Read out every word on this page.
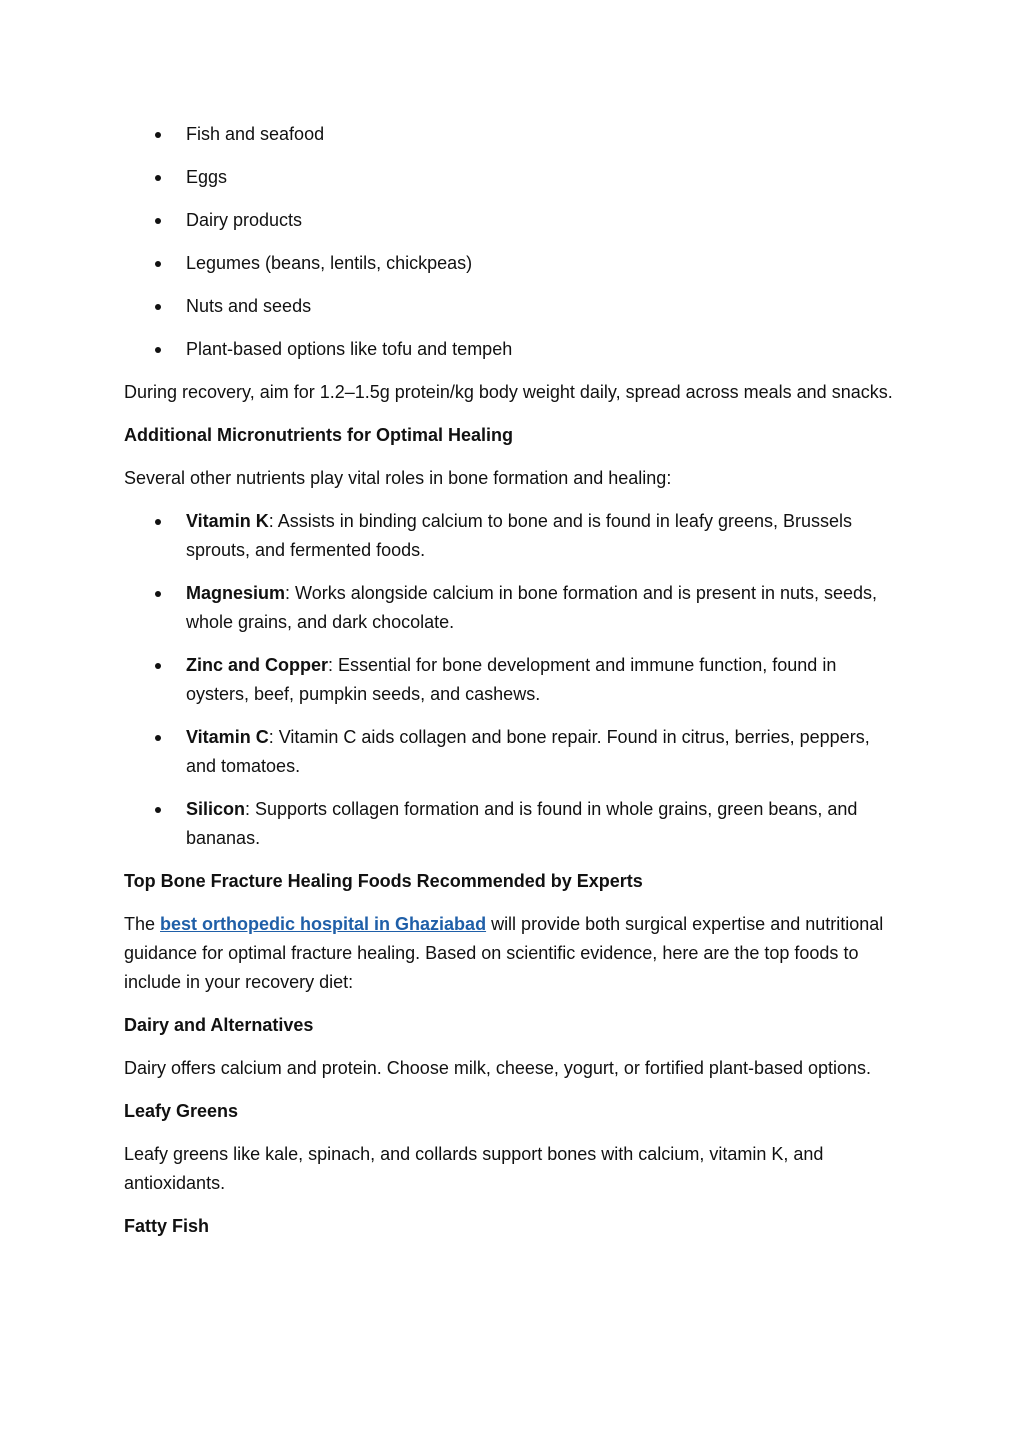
Fish and seafood
Eggs
Dairy products
Legumes (beans, lentils, chickpeas)
Nuts and seeds
Plant-based options like tofu and tempeh

During recovery, aim for 1.2–1.5g protein/kg body weight daily, spread across meals and snacks.

Additional Micronutrients for Optimal Healing

Several other nutrients play vital roles in bone formation and healing:

Vitamin K: Assists in binding calcium to bone and is found in leafy greens, Brussels sprouts, and fermented foods.
Magnesium: Works alongside calcium in bone formation and is present in nuts, seeds, whole grains, and dark chocolate.
Zinc and Copper: Essential for bone development and immune function, found in oysters, beef, pumpkin seeds, and cashews.
Vitamin C: Vitamin C aids collagen and bone repair. Found in citrus, berries, peppers, and tomatoes.
Silicon: Supports collagen formation and is found in whole grains, green beans, and bananas.

Top Bone Fracture Healing Foods Recommended by Experts

The best orthopedic hospital in Ghaziabad will provide both surgical expertise and nutritional guidance for optimal fracture healing. Based on scientific evidence, here are the top foods to include in your recovery diet:

Dairy and Alternatives

Dairy offers calcium and protein. Choose milk, cheese, yogurt, or fortified plant-based options.

Leafy Greens

Leafy greens like kale, spinach, and collards support bones with calcium, vitamin K, and antioxidants.

Fatty Fish
